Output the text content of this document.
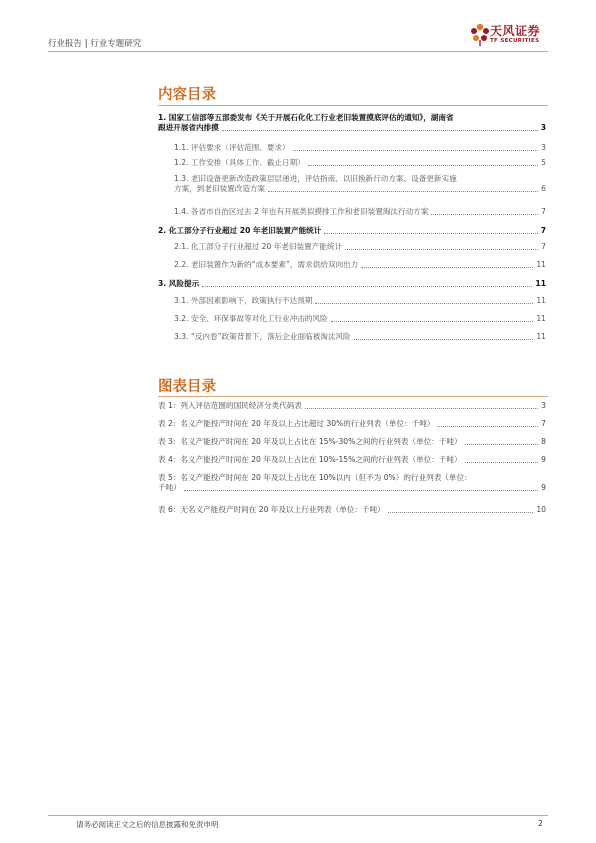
行业报告 | 行业专题研究
天风证券
TF SECURITIES
内容目录
1. 国家工信部等五部委发布《关于开展石化化工行业老旧装置摸底评估的通知》，湖南省
跟进开展省内排摸	3
1.1. 评估要求（评估范围、要求）	3
1.2. 工作安排（具体工作、截止日期）	5
1.3. 老旧设备更新改造政策层层递进，评估指南、以旧换新行动方案、设备更新实施
方案，到老旧装置改造方案	6
1.4. 各省市自治区过去 2 年也有开展类似摸排工作和老旧装置淘汰行动方案	7
2. 化工部分子行业超过 20 年老旧装置产能统计	7
2.1. 化工部分子行业超过 20 年老旧装置产能统计	7
2.2. 老旧装置作为新的“成本要素”，需求供给双向出力	11
3. 风险提示	11
3.1. 外部因素影响下，政策执行不达预期	11
3.2. 安全、环保事故等对化工行业冲击的风险	11
3.3. “反内卷”政策背景下，落后企业面临被淘汰风险	11
图表目录
表 1：列入评估范围的国民经济分类代码表	3
表 2：名义产能投产时间在 20 年及以上占比超过 30%的行业列表（单位：千吨）	7
表 3：名义产能投产时间在 20 年及以上占比在 15%-30%之间的行业列表（单位：千吨）	8
表 4：名义产能投产时间在 20 年及以上占比在 10%-15%之间的行业列表（单位：千吨）	9
表 5：名义产能投产时间在 20 年及以上占比在 10%以内（但不为 0%）的行业列表（单位：
千吨）	9
表 6：无名义产能投产时间在 20 年及以上行业列表（单位：千吨）	10
请务必阅读正文之后的信息披露和免责申明	2
